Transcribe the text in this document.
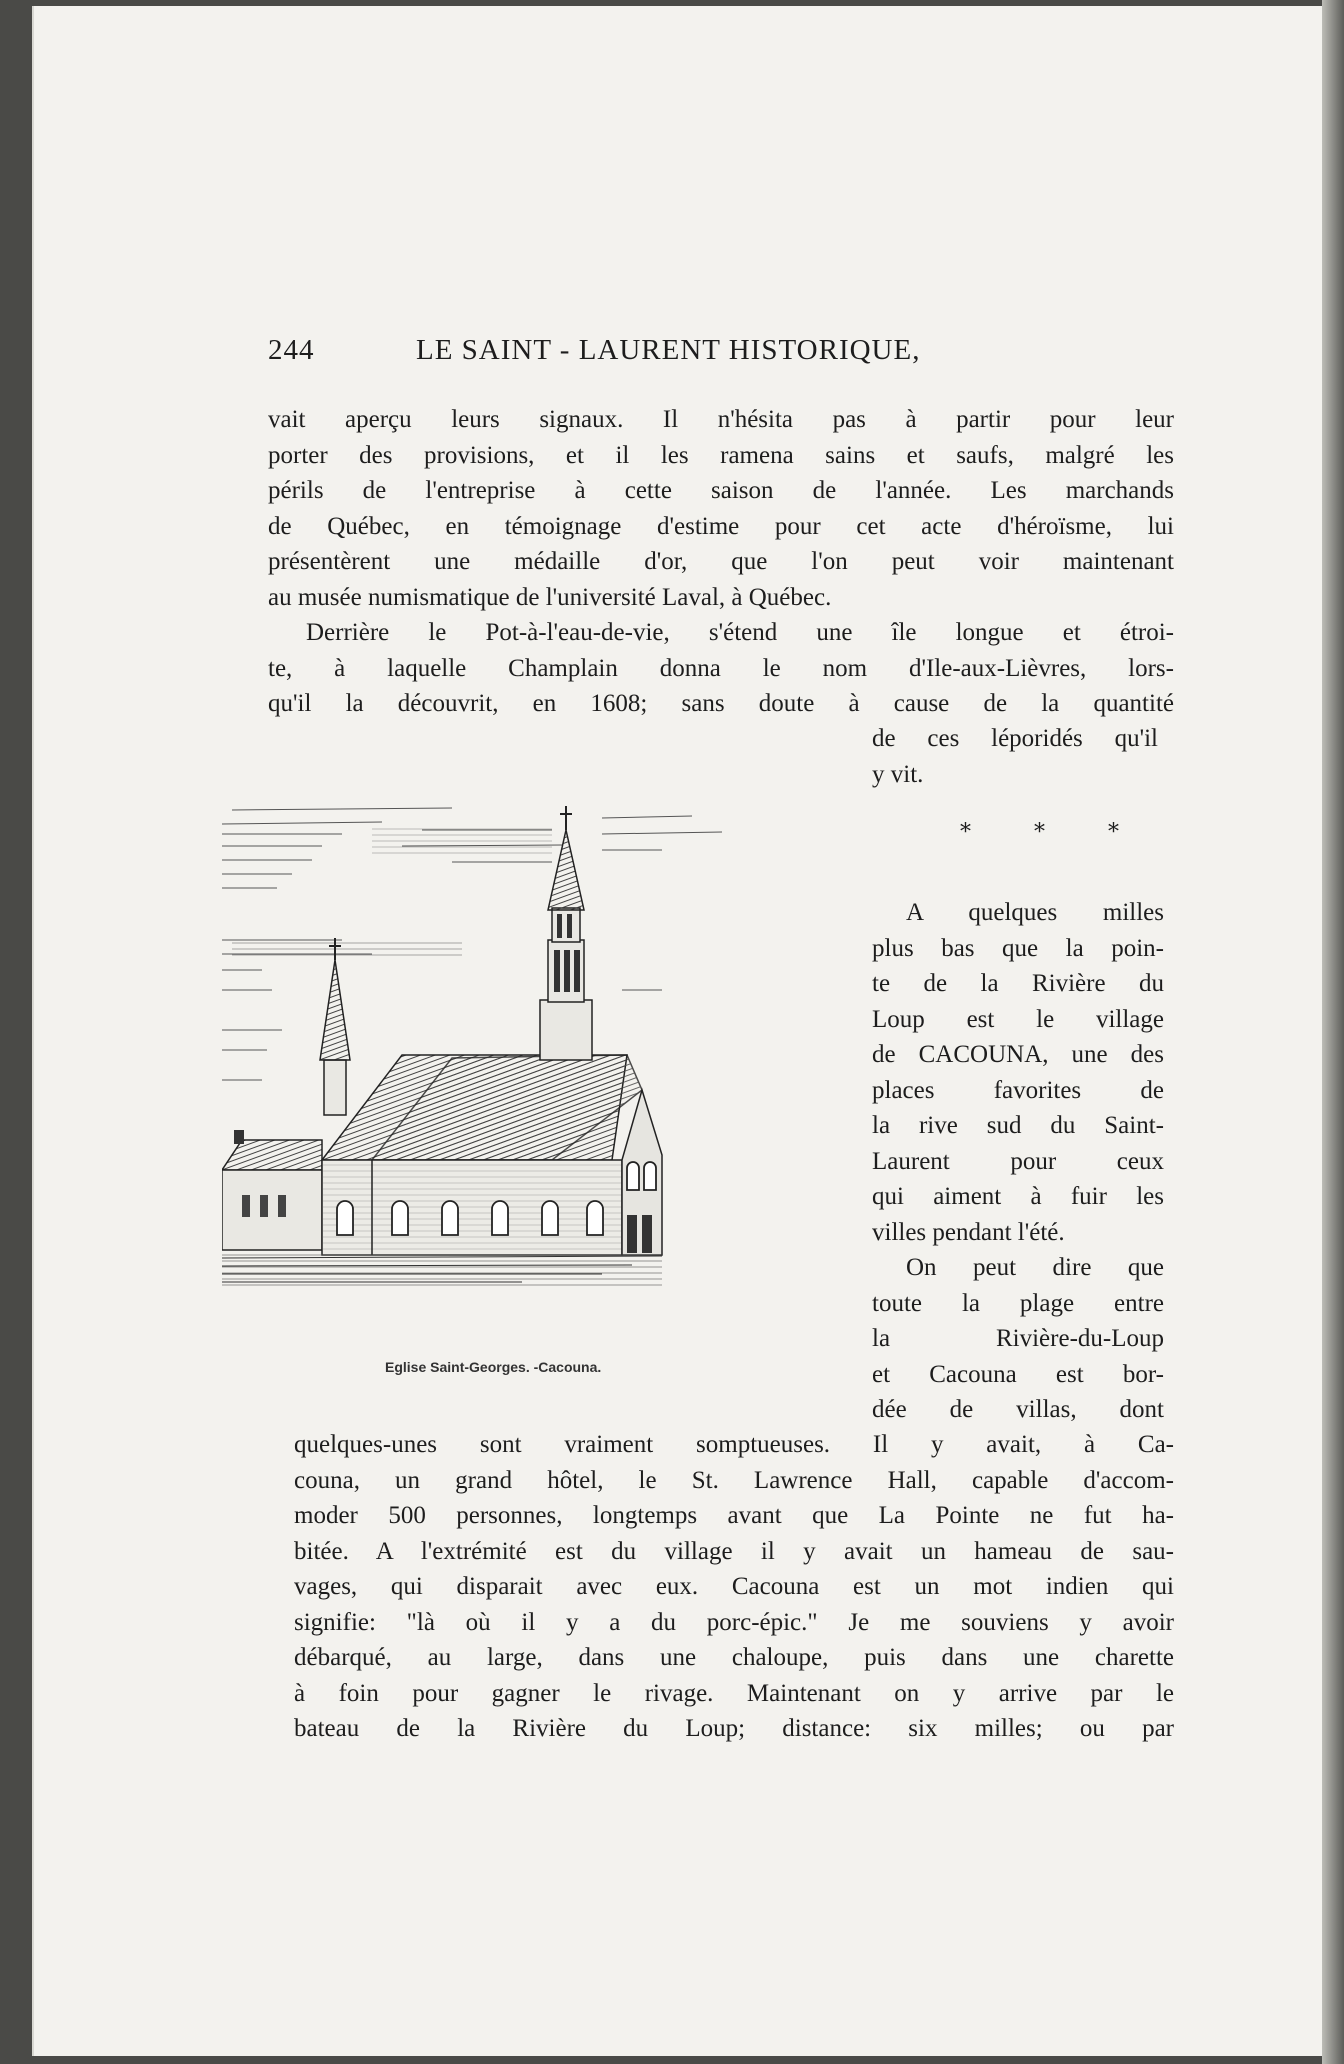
244	LE SAINT - LAURENT HISTORIQUE,
vait aperçu leurs signaux. Il n'hésita pas à partir pour leur
porter des provisions, et il les ramena sains et saufs, malgré les
périls de l'entreprise à cette saison de l'année. Les marchands
de Québec, en témoignage d'estime pour cet acte d'héroïsme, lui
présentèrent une médaille d'or, que l'on peut voir maintenant
au musée numismatique de l'université Laval, à Québec.
Derrière le Pot-à-l'eau-de-vie, s'étend une île longue et étroi-
te, à laquelle Champlain donna le nom d'Ile-aux-Lièvres, lors-
qu'il la découvrit, en 1608; sans doute à cause de la quantité
de ces léporidés qu'il
y vit.
* * *
A quelques milles
plus bas que la poin-
te de la Rivière du
Loup est le village
de CACOUNA, une des
places favorites de
la rive sud du Saint-
Laurent pour ceux
qui aiment à fuir les
villes pendant l'été.
On peut dire que
toute la plage entre
la Rivière-du-Loup
et Cacouna est bor-
dée de villas, dont
quelques-unes sont vraiment somptueuses. Il y avait, à Ca-
couna, un grand hôtel, le St. Lawrence Hall, capable d'accom-
moder 500 personnes, longtemps avant que La Pointe ne fut ha-
bitée. A l'extrémité est du village il y avait un hameau de sau-
vages, qui disparait avec eux. Cacouna est un mot indien qui
signifie: "là où il y a du porc-épic." Je me souviens y avoir
débarqué, au large, dans une chaloupe, puis dans une charette
à foin pour gagner le rivage. Maintenant on y arrive par le
bateau de la Rivière du Loup; distance: six milles; ou par
Eglise Saint-Georges. -Cacouna.
